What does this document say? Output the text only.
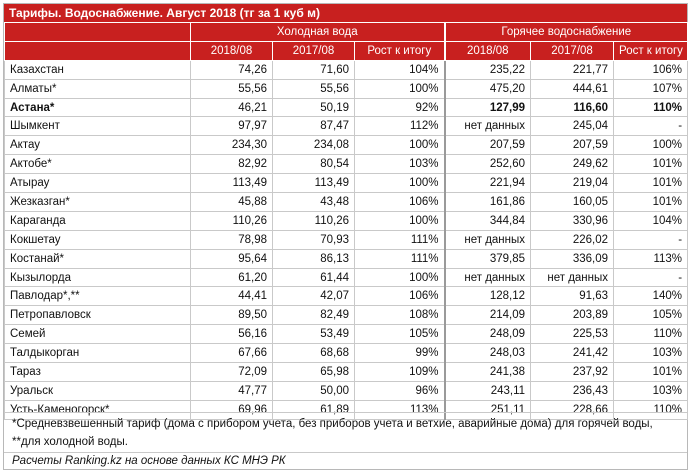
Тарифы. Водоснабжение. Август 2018 (тг за 1 куб м)
	Холодная вода			Горячее водоснабжение		
	2018/08	2017/08	Рост к итогу	2018/08	2017/08	Рост к итогу
Казахстан	74,26	71,60	104%	235,22	221,77	106%
Алматы*	55,56	55,56	100%	475,20	444,61	107%
Астана*	46,21	50,19	92%	127,99	116,60	110%
Шымкент	97,97	87,47	112%	нет данных	245,04	-
Актау	234,30	234,08	100%	207,59	207,59	100%
Актобе*	82,92	80,54	103%	252,60	249,62	101%
Атырау	113,49	113,49	100%	221,94	219,04	101%
Жезказган*	45,88	43,48	106%	161,86	160,05	101%
Караганда	110,26	110,26	100%	344,84	330,96	104%
Кокшетау	78,98	70,93	111%	нет данных	226,02	-
Костанай*	95,64	86,13	111%	379,85	336,09	113%
Кызылорда	61,20	61,44	100%	нет данных	нет данных	-
Павлодар*,**	44,41	42,07	106%	128,12	91,63	140%
Петропавловск	89,50	82,49	108%	214,09	203,89	105%
Семей	56,16	53,49	105%	248,09	225,53	110%
Талдыкорган	67,66	68,68	99%	248,03	241,42	103%
Тараз	72,09	65,98	109%	241,38	237,92	101%
Уральск	47,77	50,00	96%	243,11	236,43	103%
Усть-Каменогорск*	69,96	61,89	113%	251,11	228,66	110%
*Средневзвешенный тариф (дома с прибором учета, без приборов учета и ветхие, аварийные дома) для горячей воды, **для холодной воды.
Расчеты Ranking.kz на основе данных КС МНЭ РК
